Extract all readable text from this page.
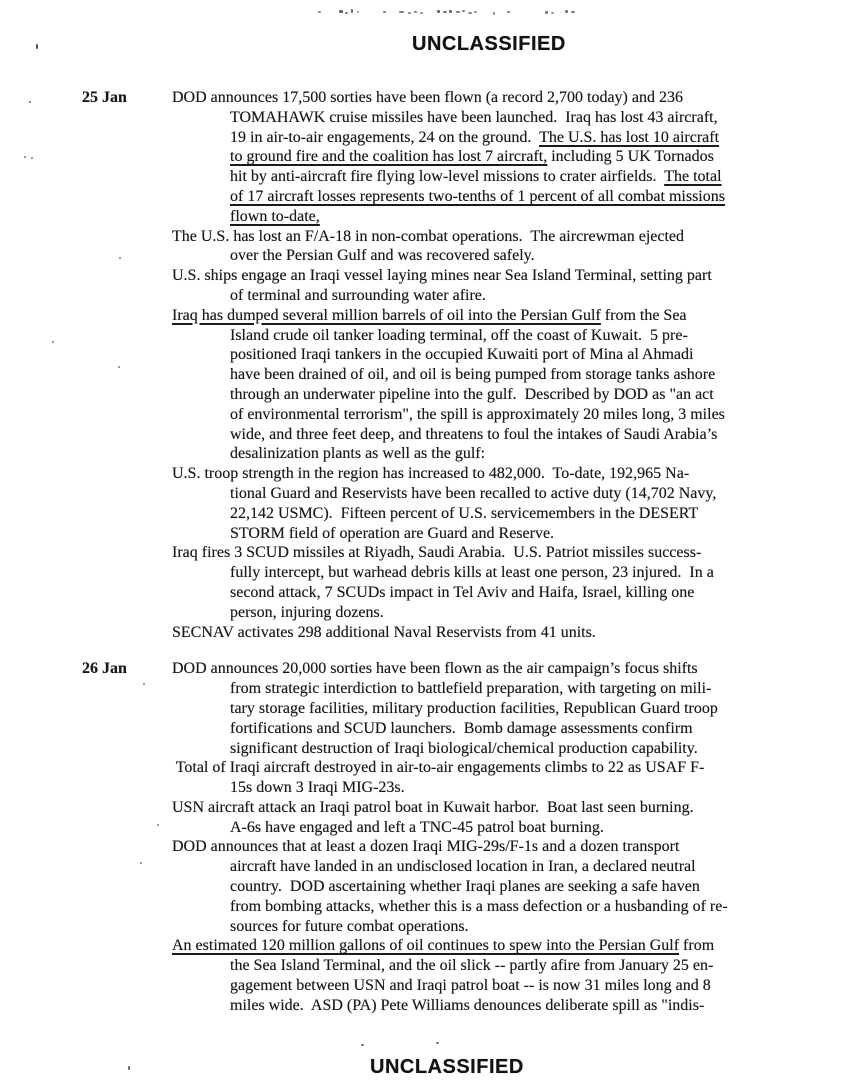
UNCLASSIFIED
25 Jan	DOD announces 17,500 sorties have been flown (a record 2,700 today) and 236
TOMAHAWK cruise missiles have been launched.  Iraq has lost 43 aircraft,
19 in air-to-air engagements, 24 on the ground.  The U.S. has lost 10 aircraft
to ground fire and the coalition has lost 7 aircraft, including 5 UK Tornados
hit by anti-aircraft fire flying low-level missions to crater airfields.  The total
of 17 aircraft losses represents two-tenths of 1 percent of all combat missions
flown to-date,
The U.S. has lost an F/A-18 in non-combat operations.  The aircrewman ejected
over the Persian Gulf and was recovered safely.
U.S. ships engage an Iraqi vessel laying mines near Sea Island Terminal, setting part
of terminal and surrounding water afire.
Iraq has dumped several million barrels of oil into the Persian Gulf from the Sea
Island crude oil tanker loading terminal, off the coast of Kuwait.  5 pre-
positioned Iraqi tankers in the occupied Kuwaiti port of Mina al Ahmadi
have been drained of oil, and oil is being pumped from storage tanks ashore
through an underwater pipeline into the gulf.  Described by DOD as "an act
of environmental terrorism", the spill is approximately 20 miles long, 3 miles
wide, and three feet deep, and threatens to foul the intakes of Saudi Arabia’s
desalinization plants as well as the gulf:
U.S. troop strength in the region has increased to 482,000.  To-date, 192,965 Na-
tional Guard and Reservists have been recalled to active duty (14,702 Navy,
22,142 USMC).  Fifteen percent of U.S. servicemembers in the DESERT
STORM field of operation are Guard and Reserve.
Iraq fires 3 SCUD missiles at Riyadh, Saudi Arabia.  U.S. Patriot missiles success-
fully intercept, but warhead debris kills at least one person, 23 injured.  In a
second attack, 7 SCUDs impact in Tel Aviv and Haifa, Israel, killing one
person, injuring dozens.
SECNAV activates 298 additional Naval Reservists from 41 units.
26 Jan	DOD announces 20,000 sorties have been flown as the air campaign’s focus shifts
from strategic interdiction to battlefield preparation, with targeting on mili-
tary storage facilities, military production facilities, Republican Guard troop
fortifications and SCUD launchers.  Bomb damage assessments confirm
significant destruction of Iraqi biological/chemical production capability.
Total of Iraqi aircraft destroyed in air-to-air engagements climbs to 22 as USAF F-
15s down 3 Iraqi MIG-23s.
USN aircraft attack an Iraqi patrol boat in Kuwait harbor.  Boat last seen burning.
A-6s have engaged and left a TNC-45 patrol boat burning.
DOD announces that at least a dozen Iraqi MIG-29s/F-1s and a dozen transport
aircraft have landed in an undisclosed location in Iran, a declared neutral
country.  DOD ascertaining whether Iraqi planes are seeking a safe haven
from bombing attacks, whether this is a mass defection or a husbanding of re-
sources for future combat operations.
An estimated 120 million gallons of oil continues to spew into the Persian Gulf from
the Sea Island Terminal, and the oil slick -- partly afire from January 25 en-
gagement between USN and Iraqi patrol boat -- is now 31 miles long and 8
miles wide.  ASD (PA) Pete Williams denounces deliberate spill as "indis-
UNCLASSIFIED
